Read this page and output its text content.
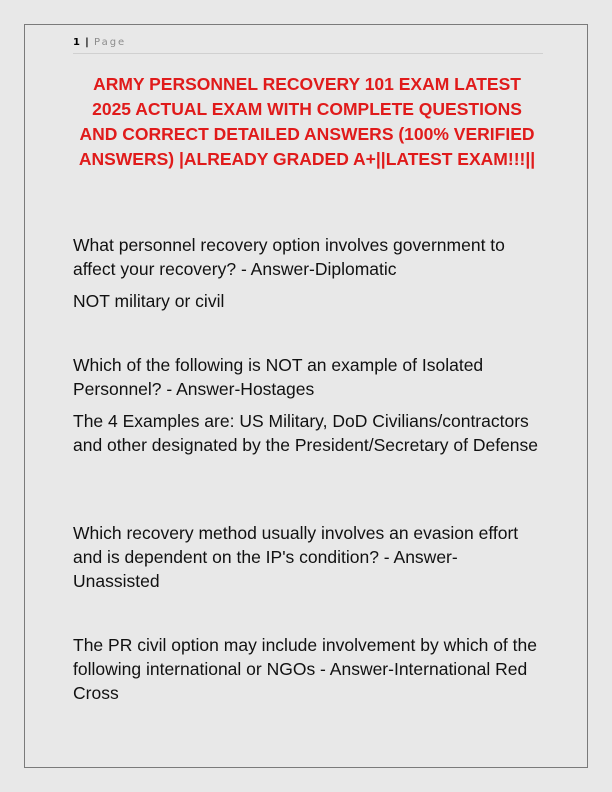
1 | Page
ARMY PERSONNEL RECOVERY 101 EXAM LATEST 2025 ACTUAL EXAM WITH COMPLETE QUESTIONS AND CORRECT DETAILED ANSWERS (100% VERIFIED ANSWERS) |ALREADY GRADED A+||LATEST EXAM!!!||

What personnel recovery option involves government to affect your recovery? - Answer-Diplomatic

NOT military or civil

Which of the following is NOT an example of Isolated Personnel? - Answer-Hostages

The 4 Examples are: US Military, DoD Civilians/contractors and other designated by the President/Secretary of Defense

Which recovery method usually involves an evasion effort and is dependent on the IP's condition? - Answer-Unassisted

The PR civil option may include involvement by which of the following international or NGOs - Answer-International Red Cross
